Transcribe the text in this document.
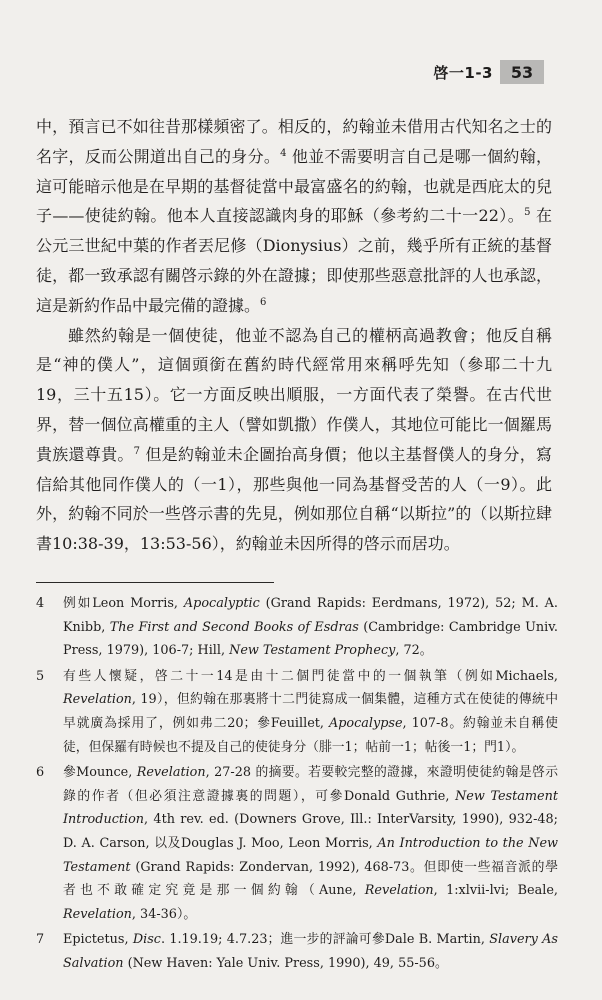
啓一1-3	53

中，預言已不如往昔那樣頻密了。相反的，約翰並未借用古代知名之士的名字，反而公開道出自己的身分。$^4$ 他並不需要明言自己是哪一個約翰，這可能暗示他是在早期的基督徒當中最富盛名的約翰，也就是西庇太的兒子——使徒約翰。他本人直接認識肉身的耶穌（參考約二十一22）。$^5$ 在公元三世紀中葉的作者丟尼修（Dionysius）之前，幾乎所有正統的基督徒，都一致承認有關啓示錄的外在證據；即使那些惡意批評的人也承認，這是新約作品中最完備的證據。$^6$

雖然約翰是一個使徒，他並不認為自己的權柄高過教會；他反自稱是“神的僕人”，這個頭銜在舊約時代經常用來稱呼先知（參耶二十九19，三十五15）。它一方面反映出順服，一方面代表了榮譽。在古代世界，替一個位高權重的主人（譬如凱撒）作僕人，其地位可能比一個羅馬貴族還尊貴。$^7$ 但是約翰並未企圖抬高身價；他以主基督僕人的身分，寫信給其他同作僕人的（一1），那些與他一同為基督受苦的人（一9）。此外，約翰不同於一些啓示書的先見，例如那位自稱“以斯拉”的（以斯拉肆書10:38-39，13:53-56），約翰並未因所得的啓示而居功。

4	例如Leon Morris, Apocalyptic (Grand Rapids: Eerdmans, 1972), 52; M. A. Knibb, The First and Second Books of Esdras (Cambridge: Cambridge Univ. Press, 1979), 106-7; Hill, New Testament Prophecy, 72。
5	有些人懷疑，啓二十一14是由十二個門徒當中的一個執筆（例如Michaels, Revelation, 19），但約翰在那裏將十二門徒寫成一個集體，這種方式在使徒的傳統中早就廣為採用了，例如弗二20；參Feuillet, Apocalypse, 107-8。約翰並未自稱使徒，但保羅有時候也不提及自己的使徒身分（腓一1；帖前一1；帖後一1；門1）。
6	參Mounce, Revelation, 27-28 的摘要。若要較完整的證據，來證明使徒約翰是啓示錄的作者（但必須注意證據裏的問題），可參Donald Guthrie, New Testament Introduction, 4th rev. ed. (Downers Grove, Ill.: InterVarsity, 1990), 932-48; D. A. Carson, 以及Douglas J. Moo, Leon Morris, An Introduction to the New Testament (Grand Rapids: Zondervan, 1992), 468-73。但即使一些福音派的學者也不敢確定究竟是那一個約翰（Aune, Revelation, 1:xlvii-lvi; Beale, Revelation, 34-36）。
7	Epictetus, Disc. 1.19.19; 4.7.23；進一步的評論可參Dale B. Martin, Slavery As Salvation (New Haven: Yale Univ. Press, 1990), 49, 55-56。
